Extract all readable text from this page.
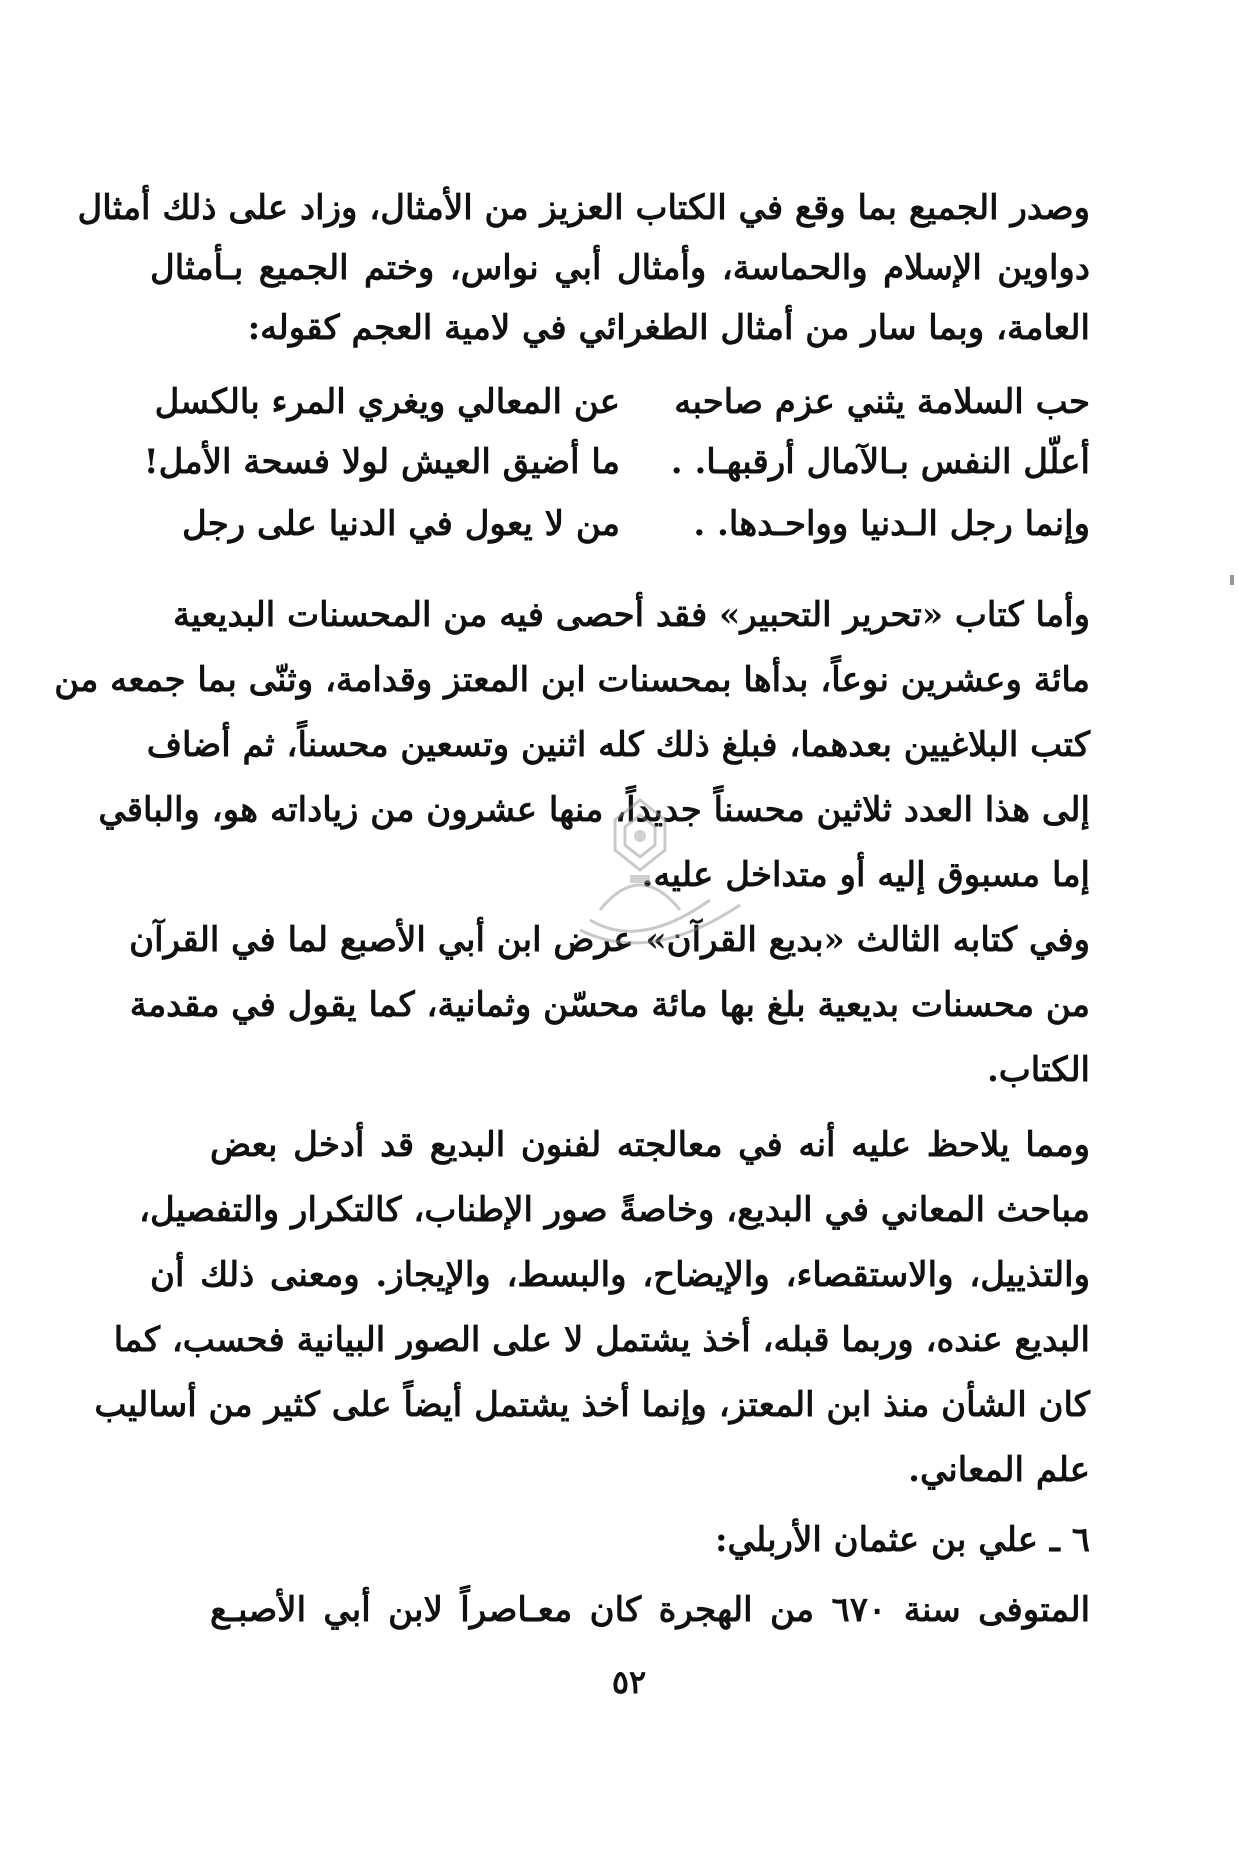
وصدر الجميع بما وقع في الكتاب العزيز من الأمثال، وزاد على ذلك أمثال
دواوين الإسلام والحماسة، وأمثال أبي نواس، وختم الجميع بـأمثال
العامة، وبما سار من أمثال الطغرائي في لامية العجم كقوله:
حب السلامة يثني عزم صاحبه
عن المعالي ويغري المرء بالكسل
أعلّل النفس بـالآمال أرقبهـا. .
ما أضيق العيش لولا فسحة الأمل!
وإنما رجل الـدنيا وواحـدها. .
من لا يعول في الدنيا على رجل
وأما كتاب «تحرير التحبير» فقد أحصى فيه من المحسنات البديعية
مائة وعشرين نوعاً، بدأها بمحسنات ابن المعتز وقدامة، وثنّى بما جمعه من
كتب البلاغيين بعدهما، فبلغ ذلك كله اثنين وتسعين محسناً، ثم أضاف
إلى هذا العدد ثلاثين محسناً جديداً، منها عشرون من زياداته هو، والباقي
إما مسبوق إليه أو متداخل عليه.
وفي كتابه الثالث «بديع القرآن» عرض ابن أبي الأصبع لما في القرآن
من محسنات بديعية بلغ بها مائة محسّن وثمانية، كما يقول في مقدمة
الكتاب.
ومما يلاحظ عليه أنه في معالجته لفنون البديع قد أدخل بعض
مباحث المعاني في البديع، وخاصةً صور الإطناب، كالتكرار والتفصيل،
والتذييل، والاستقصاء، والإيضاح، والبسط، والإيجاز. ومعنى ذلك أن
البديع عنده، وربما قبله، أخذ يشتمل لا على الصور البيانية فحسب، كما
كان الشأن منذ ابن المعتز، وإنما أخذ يشتمل أيضاً على كثير من أساليب
علم المعاني.
٦ ـ علي بن عثمان الأربلي:
المتوفى سنة ٦٧٠ من الهجرة كان معـاصراً لابن أبي الأصبـع
٥٢
